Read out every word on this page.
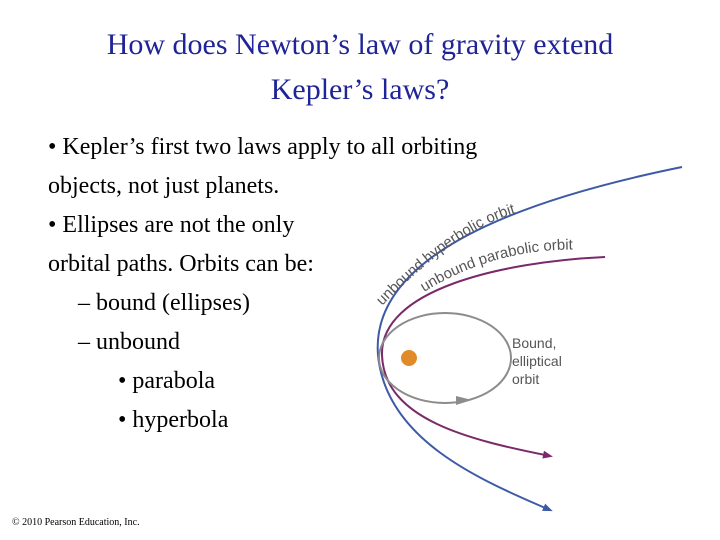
How does Newton’s law of gravity extend
Kepler’s laws?
• Kepler’s first two laws apply to all orbiting
objects, not just planets.
• Ellipses are not the only
orbital paths. Orbits can be:
– bound (ellipses)
– unbound
• parabola
• hyperbola
unbound hyperbolic orbit
unbound parabolic orbit
Bound, elliptical orbit
© 2010 Pearson Education, Inc.
